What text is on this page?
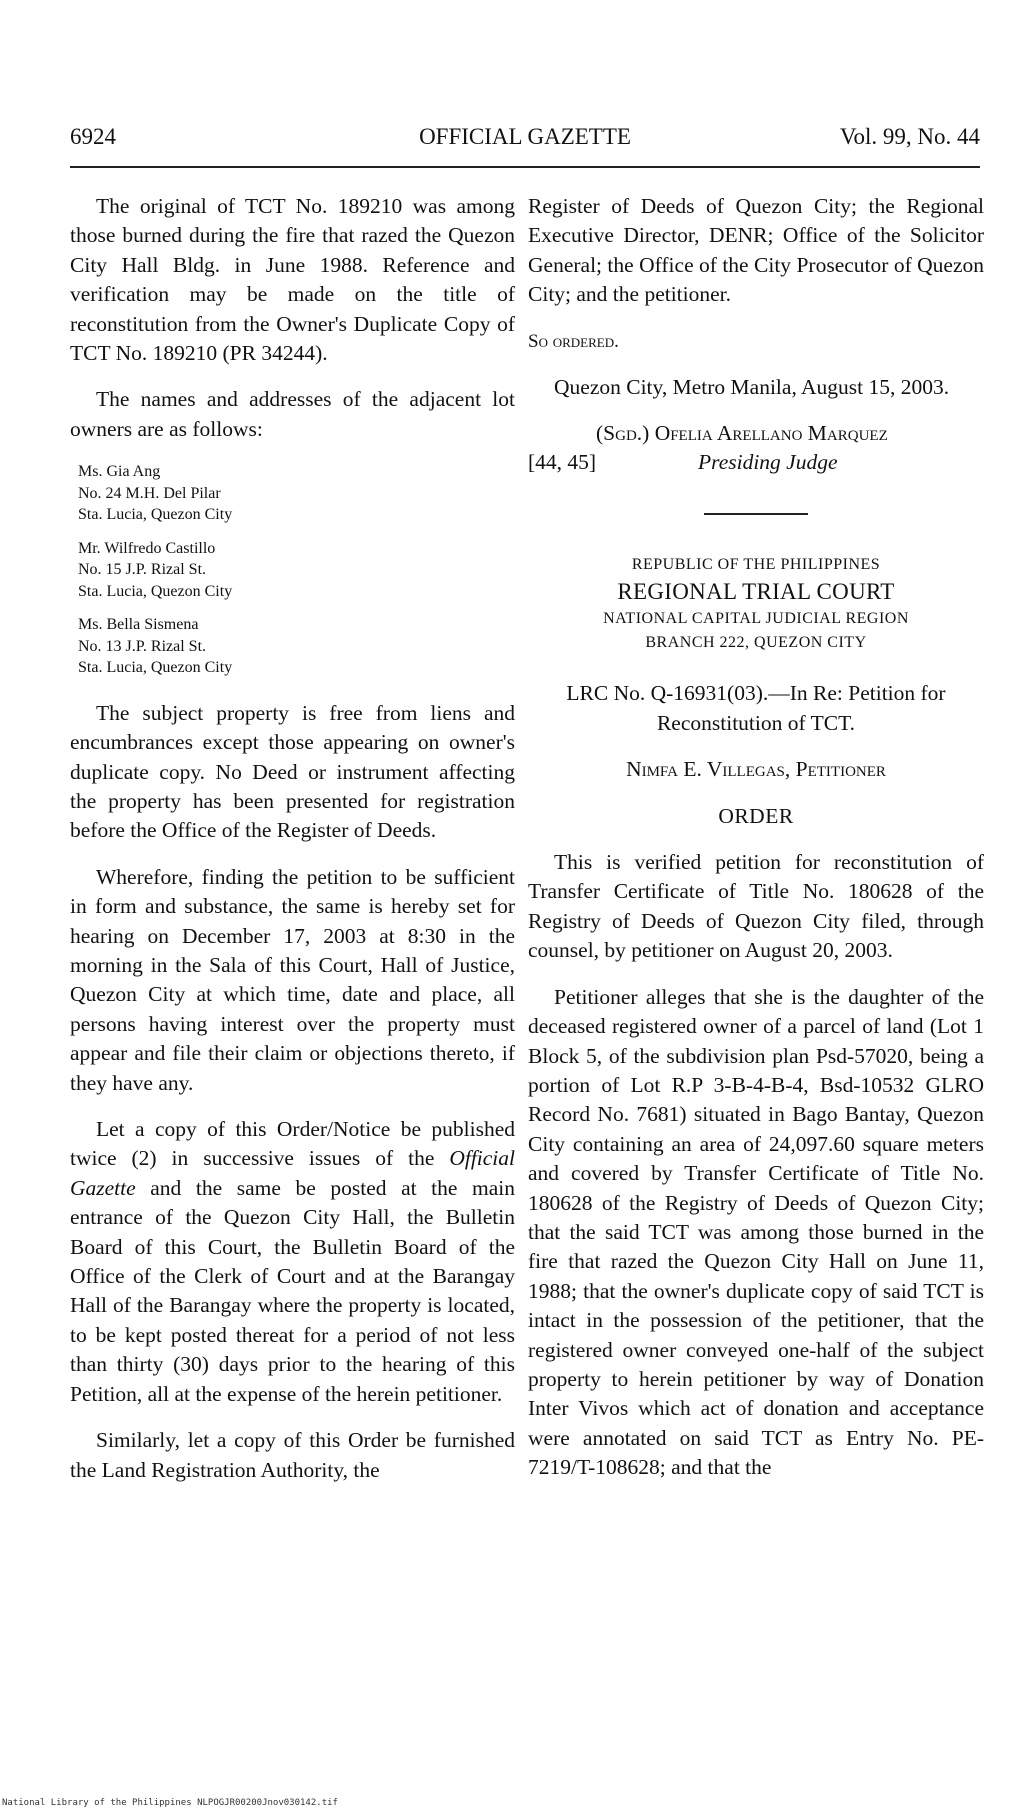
6924	OFFICIAL GAZETTE	Vol. 99, No. 44

The original of TCT No. 189210 was among those burned during the fire that razed the Quezon City Hall Bldg. in June 1988. Reference and verification may be made on the title of reconstitution from the Owner's Duplicate Copy of TCT No. 189210 (PR 34244).

The names and addresses of the adjacent lot owners are as follows:

Ms. Gia Ang
No. 24 M.H. Del Pilar
Sta. Lucia, Quezon City
Mr. Wilfredo Castillo
No. 15 J.P. Rizal St.
Sta. Lucia, Quezon City
Ms. Bella Sismena
No. 13 J.P. Rizal St.
Sta. Lucia, Quezon City

The subject property is free from liens and encumbrances except those appearing on owner's duplicate copy. No Deed or instrument affecting the property has been presented for registration before the Office of the Register of Deeds.

Wherefore, finding the petition to be sufficient in form and substance, the same is hereby set for hearing on December 17, 2003 at 8:30 in the morning in the Sala of this Court, Hall of Justice, Quezon City at which time, date and place, all persons having interest over the property must appear and file their claim or objections thereto, if they have any.

Let a copy of this Order/Notice be published twice (2) in successive issues of the Official Gazette and the same be posted at the main entrance of the Quezon City Hall, the Bulletin Board of this Court, the Bulletin Board of the Office of the Clerk of Court and at the Barangay Hall of the Barangay where the property is located, to be kept posted thereat for a period of not less than thirty (30) days prior to the hearing of this Petition, all at the expense of the herein petitioner.

Similarly, let a copy of this Order be furnished the Land Registration Authority, the

Register of Deeds of Quezon City; the Regional Executive Director, DENR; Office of the Solicitor General; the Office of the City Prosecutor of Quezon City; and the petitioner.

So ordered.

Quezon City, Metro Manila, August 15, 2003.

(Sgd.) Ofelia Arellano Marquez
[44, 45]	Presiding Judge
REPUBLIC OF THE PHILIPPINES
REGIONAL TRIAL COURT
NATIONAL CAPITAL JUDICIAL REGION
BRANCH 222, QUEZON CITY

LRC No. Q-16931(03).—In Re: Petition for Reconstitution of TCT.

Nimfa E. Villegas, Petitioner

ORDER

This is verified petition for reconstitution of Transfer Certificate of Title No. 180628 of the Registry of Deeds of Quezon City filed, through counsel, by petitioner on August 20, 2003.

Petitioner alleges that she is the daughter of the deceased registered owner of a parcel of land (Lot 1 Block 5, of the subdivision plan Psd-57020, being a portion of Lot R.P 3-B-4-B-4, Bsd-10532 GLRO Record No. 7681) situated in Bago Bantay, Quezon City containing an area of 24,097.60 square meters and covered by Transfer Certificate of Title No. 180628 of the Registry of Deeds of Quezon City; that the said TCT was among those burned in the fire that razed the Quezon City Hall on June 11, 1988; that the owner's duplicate copy of said TCT is intact in the possession of the petitioner, that the registered owner conveyed one-half of the subject property to herein petitioner by way of Donation Inter Vivos which act of donation and acceptance were annotated on said TCT as Entry No. PE-7219/T-108628; and that the

National Library of the Philippines NLPOGJR00200Jnov030142.tif
